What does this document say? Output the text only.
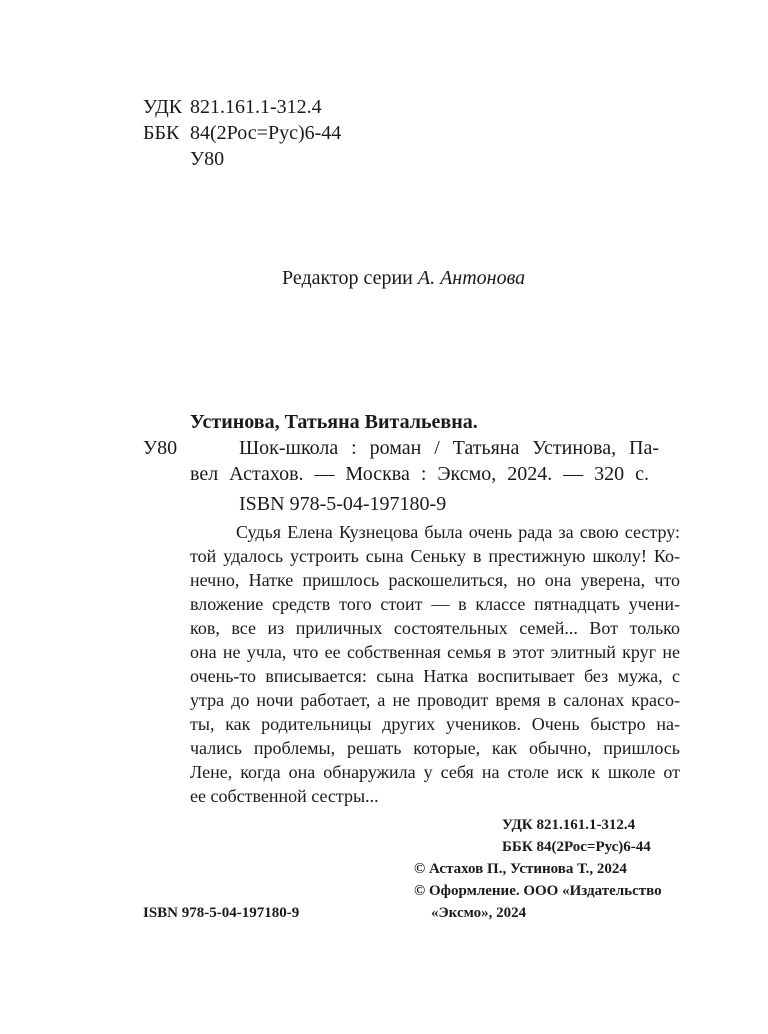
УДК 821.161.1-312.4
ББК 84(2Рос=Рус)6-44
У80
Редактор серии А. Антонова
Устинова, Татьяна Витальевна.
У80	Шок-школа : роман / Татьяна Устинова, Па-
вел Астахов. — Москва : Эксмо, 2024. — 320 с.
ISBN 978-5-04-197180-9
Судья Елена Кузнецова была очень рада за свою сестру:
той удалось устроить сына Сеньку в престижную школу! Ко-
нечно, Натке пришлось раскошелиться, но она уверена, что
вложение средств того стоит — в классе пятнадцать учени-
ков, все из приличных состоятельных семей... Вот только
она не учла, что ее собственная семья в этот элитный круг не
очень-то вписывается: сына Натка воспитывает без мужа, с
утра до ночи работает, а не проводит время в салонах красо-
ты, как родительницы других учеников. Очень быстро на-
чались проблемы, решать которые, как обычно, пришлось
Лене, когда она обнаружила у себя на столе иск к школе от
ее собственной сестры...
УДК 821.161.1-312.4
ББК 84(2Рос=Рус)6-44
© Астахов П., Устинова Т., 2024
© Оформление. ООО «Издательство
«Эксмо», 2024
ISBN 978-5-04-197180-9
